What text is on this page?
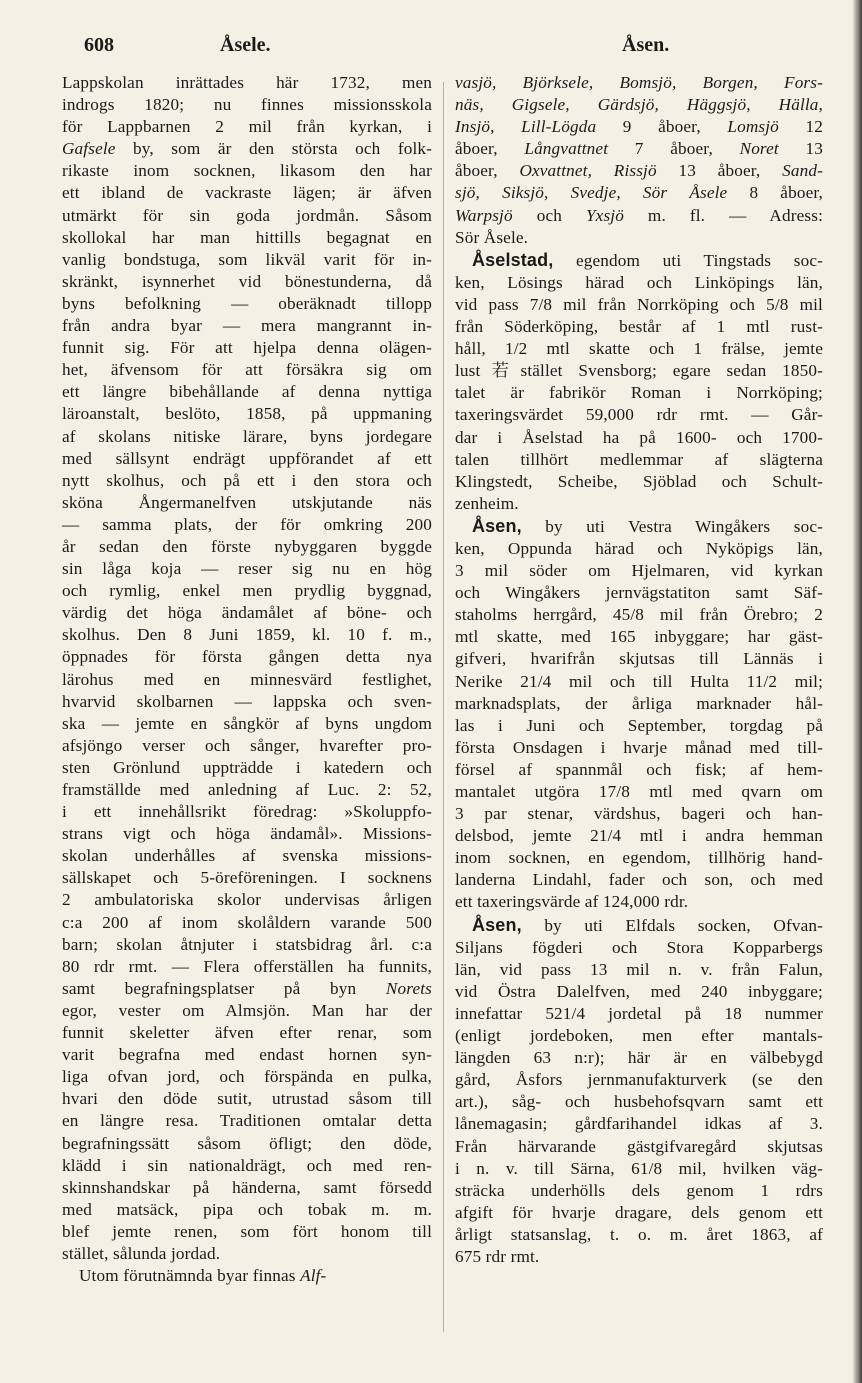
608	Åsele.	Åsen.
Lappskolan inrättades här 1732, men
indrogs 1820; nu finnes missionsskola
för Lappbarnen 2 mil från kyrkan, i
Gafsele by, som är den största och folk-
rikaste inom socknen, likasom den har
ett ibland de vackraste lägen; är äfven
utmärkt för sin goda jordmån. Såsom
skollokal har man hittills begagnat en
vanlig bondstuga, som likväl varit för in-
skränkt, isynnerhet vid bönestunderna, då
byns befolkning — oberäknadt tillopp
från andra byar — mera mangrannt in-
funnit sig. För att hjelpa denna olägen-
het, äfvensom för att försäkra sig om
ett längre bibehållande af denna nyttiga
läroanstalt, beslöto, 1858, på uppmaning
af skolans nitiske lärare, byns jordegare
med sällsynt endrägt uppförandet af ett
nytt skolhus, och på ett i den stora och
sköna Ångermanelfven utskjutande näs
— samma plats, der för omkring 200
år sedan den förste nybyggaren byggde
sin låga koja — reser sig nu en hög
och rymlig, enkel men prydlig byggnad,
värdig det höga ändamålet af böne- och
skolhus. Den 8 Juni 1859, kl. 10 f. m.,
öppnades för första gången detta nya
lärohus med en minnesvärd festlighet,
hvarvid skolbarnen — lappska och sven-
ska — jemte en sångkör af byns ungdom
afsjöngo verser och sånger, hvarefter pro-
sten Grönlund uppträdde i katedern och
framställde med anledning af Luc. 2: 52,
i ett innehållsrikt föredrag: »Skoluppfo-
strans vigt och höga ändamål». Missions-
skolan underhålles af svenska missions-
sällskapet och 5-öreföreningen. I socknens
2 ambulatoriska skolor undervisas årligen
c:a 200 af inom skolåldern varande 500
barn; skolan åtnjuter i statsbidrag årl. c:a
80 rdr rmt. — Flera offerställen ha funnits,
samt begrafningsplatser på byn Norets
egor, vester om Almsjön. Man har der
funnit skeletter äfven efter renar, som
varit begrafna med endast hornen syn-
liga ofvan jord, och förspända en pulka,
hvari den döde sutit, utrustad såsom till
en längre resa. Traditionen omtalar detta
begrafningssätt såsom öfligt; den döde,
klädd i sin nationaldrägt, och med ren-
skinnshandskar på händerna, samt försedd
med matsäck, pipa och tobak m. m.
blef jemte renen, som fört honom till
stället, sålunda jordad.
Utom förutnämnda byar finnas Alf-
vasjö, Björksele, Bomsjö, Borgen, Fors-
näs, Gigsele, Gärdsjö, Häggsjö, Hälla,
Insjö, Lill-Lögda 9 åboer, Lomsjö 12
åboer, Långvattnet 7 åboer, Noret 13
åboer, Oxvattnet, Rissjö 13 åboer, Sand-
sjö, Siksjö, Svedje, Sör Åsele 8 åboer,
Warpsjö och Yxsjö m. fl. — Adress:
Sör Åsele.
Åselstad, egendom uti Tingstads soc-
ken, Lösings härad och Linköpings län,
vid pass 7/8 mil från Norrköping och 5/8 mil
från Söderköping, består af 1 mtl rust-
håll, 1/2 mtl skatte och 1 frälse, jemte
lust若stället Svensborg; egare sedan 1850-
talet är fabrikör Roman i Norrköping;
taxeringsvärdet 59,000 rdr rmt. — Går-
dar i Åselstad ha på 1600- och 1700-
talen tillhört medlemmar af slägterna
Klingstedt, Scheibe, Sjöblad och Schult-
zenheim.
Åsen, by uti Vestra Wingåkers soc-
ken, Oppunda härad och Nyköpigs län,
3 mil söder om Hjelmaren, vid kyrkan
och Wingåkers jernvägstatiton samt Säf-
staholms herrgård, 45/8 mil från Örebro; 2
mtl skatte, med 165 inbyggare; har gäst-
gifveri, hvarifrån skjutsas till Lännäs i
Nerike 21/4 mil och till Hulta 11/2 mil;
marknadsplats, der årliga marknader hål-
las i Juni och September, torgdag på
första Onsdagen i hvarje månad med till-
försel af spannmål och fisk; af hem-
mantalet utgöra 17/8 mtl med qvarn om
3 par stenar, värdshus, bageri och han-
delsbod, jemte 21/4 mtl i andra hemman
inom socknen, en egendom, tillhörig hand-
landerna Lindahl, fader och son, och med
ett taxeringsvärde af 124,000 rdr.
Åsen, by uti Elfdals socken, Ofvan-
Siljans fögderi och Stora Kopparbergs
län, vid pass 13 mil n. v. från Falun,
vid Östra Dalelfven, med 240 inbyggare;
innefattar 521/4 jordetal på 18 nummer
(enligt jordeboken, men efter mantals-
längden 63 n:r); här är en välbebygd
gård, Åsfors jernmanufakturverk (se den
art.), såg- och husbehofsqvarn samt ett
lånemagasin; gårdfarihandel idkas af 3.
Från härvarande gästgifvaregård skjutsas
i n. v. till Särna, 61/8 mil, hvilken väg-
sträcka underhölls dels genom 1 rdrs
afgift för hvarje dragare, dels genom ett
årligt statsanslag, t. o. m. året 1863, af
675 rdr rmt.
